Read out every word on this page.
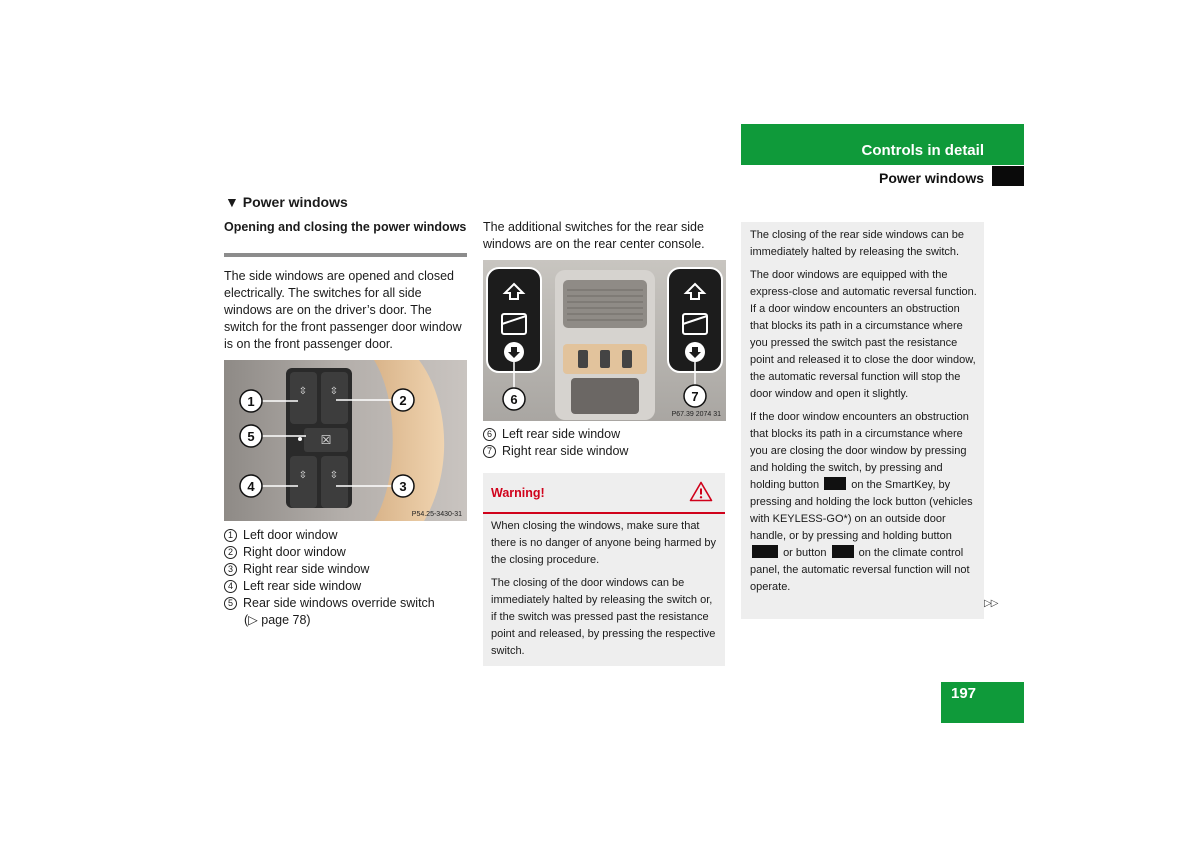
Controls in detail
Power windows
▼ Power windows
Opening and closing the power windows
The side windows are opened and closed electrically. The switches for all side windows are on the driver’s door. The switch for the front passenger door window is on the front passenger door.
☒
⇳ ⇳
⇳ ⇳
1	2
5
4	3
P54.25-3430-31
1 Left door window
2 Right door window
3 Right rear side window
4 Left rear side window
5 Rear side windows override switch
(▷ page 78)
The additional switches for the rear side windows are on the rear center console.
6	7
P67.39 2074 31
6 Left rear side window
7 Right rear side window
Warning!

When closing the windows, make sure that there is no danger of anyone being harmed by the closing procedure.

The closing of the door windows can be immediately halted by releasing the switch or, if the switch was pressed past the resistance point and released, by pressing the respective switch.

The closing of the rear side windows can be immediately halted by releasing the switch.

The door windows are equipped with the express-close and automatic reversal function. If a door window encounters an obstruction that blocks its path in a circumstance where you pressed the switch past the resistance point and released it to close the door window, the automatic reversal function will stop the door window and open it slightly.

If the door window encounters an obstruction that blocks its path in a circumstance where you are closing the door window by pressing and holding the switch, by pressing and holding button	on the SmartKey, by pressing and holding the lock button (vehicles with KEYLESS-GO*) on an outside door handle, or by pressing and holding button  or button	on the climate control panel, the automatic reversal function will not operate.

▷▷
197
